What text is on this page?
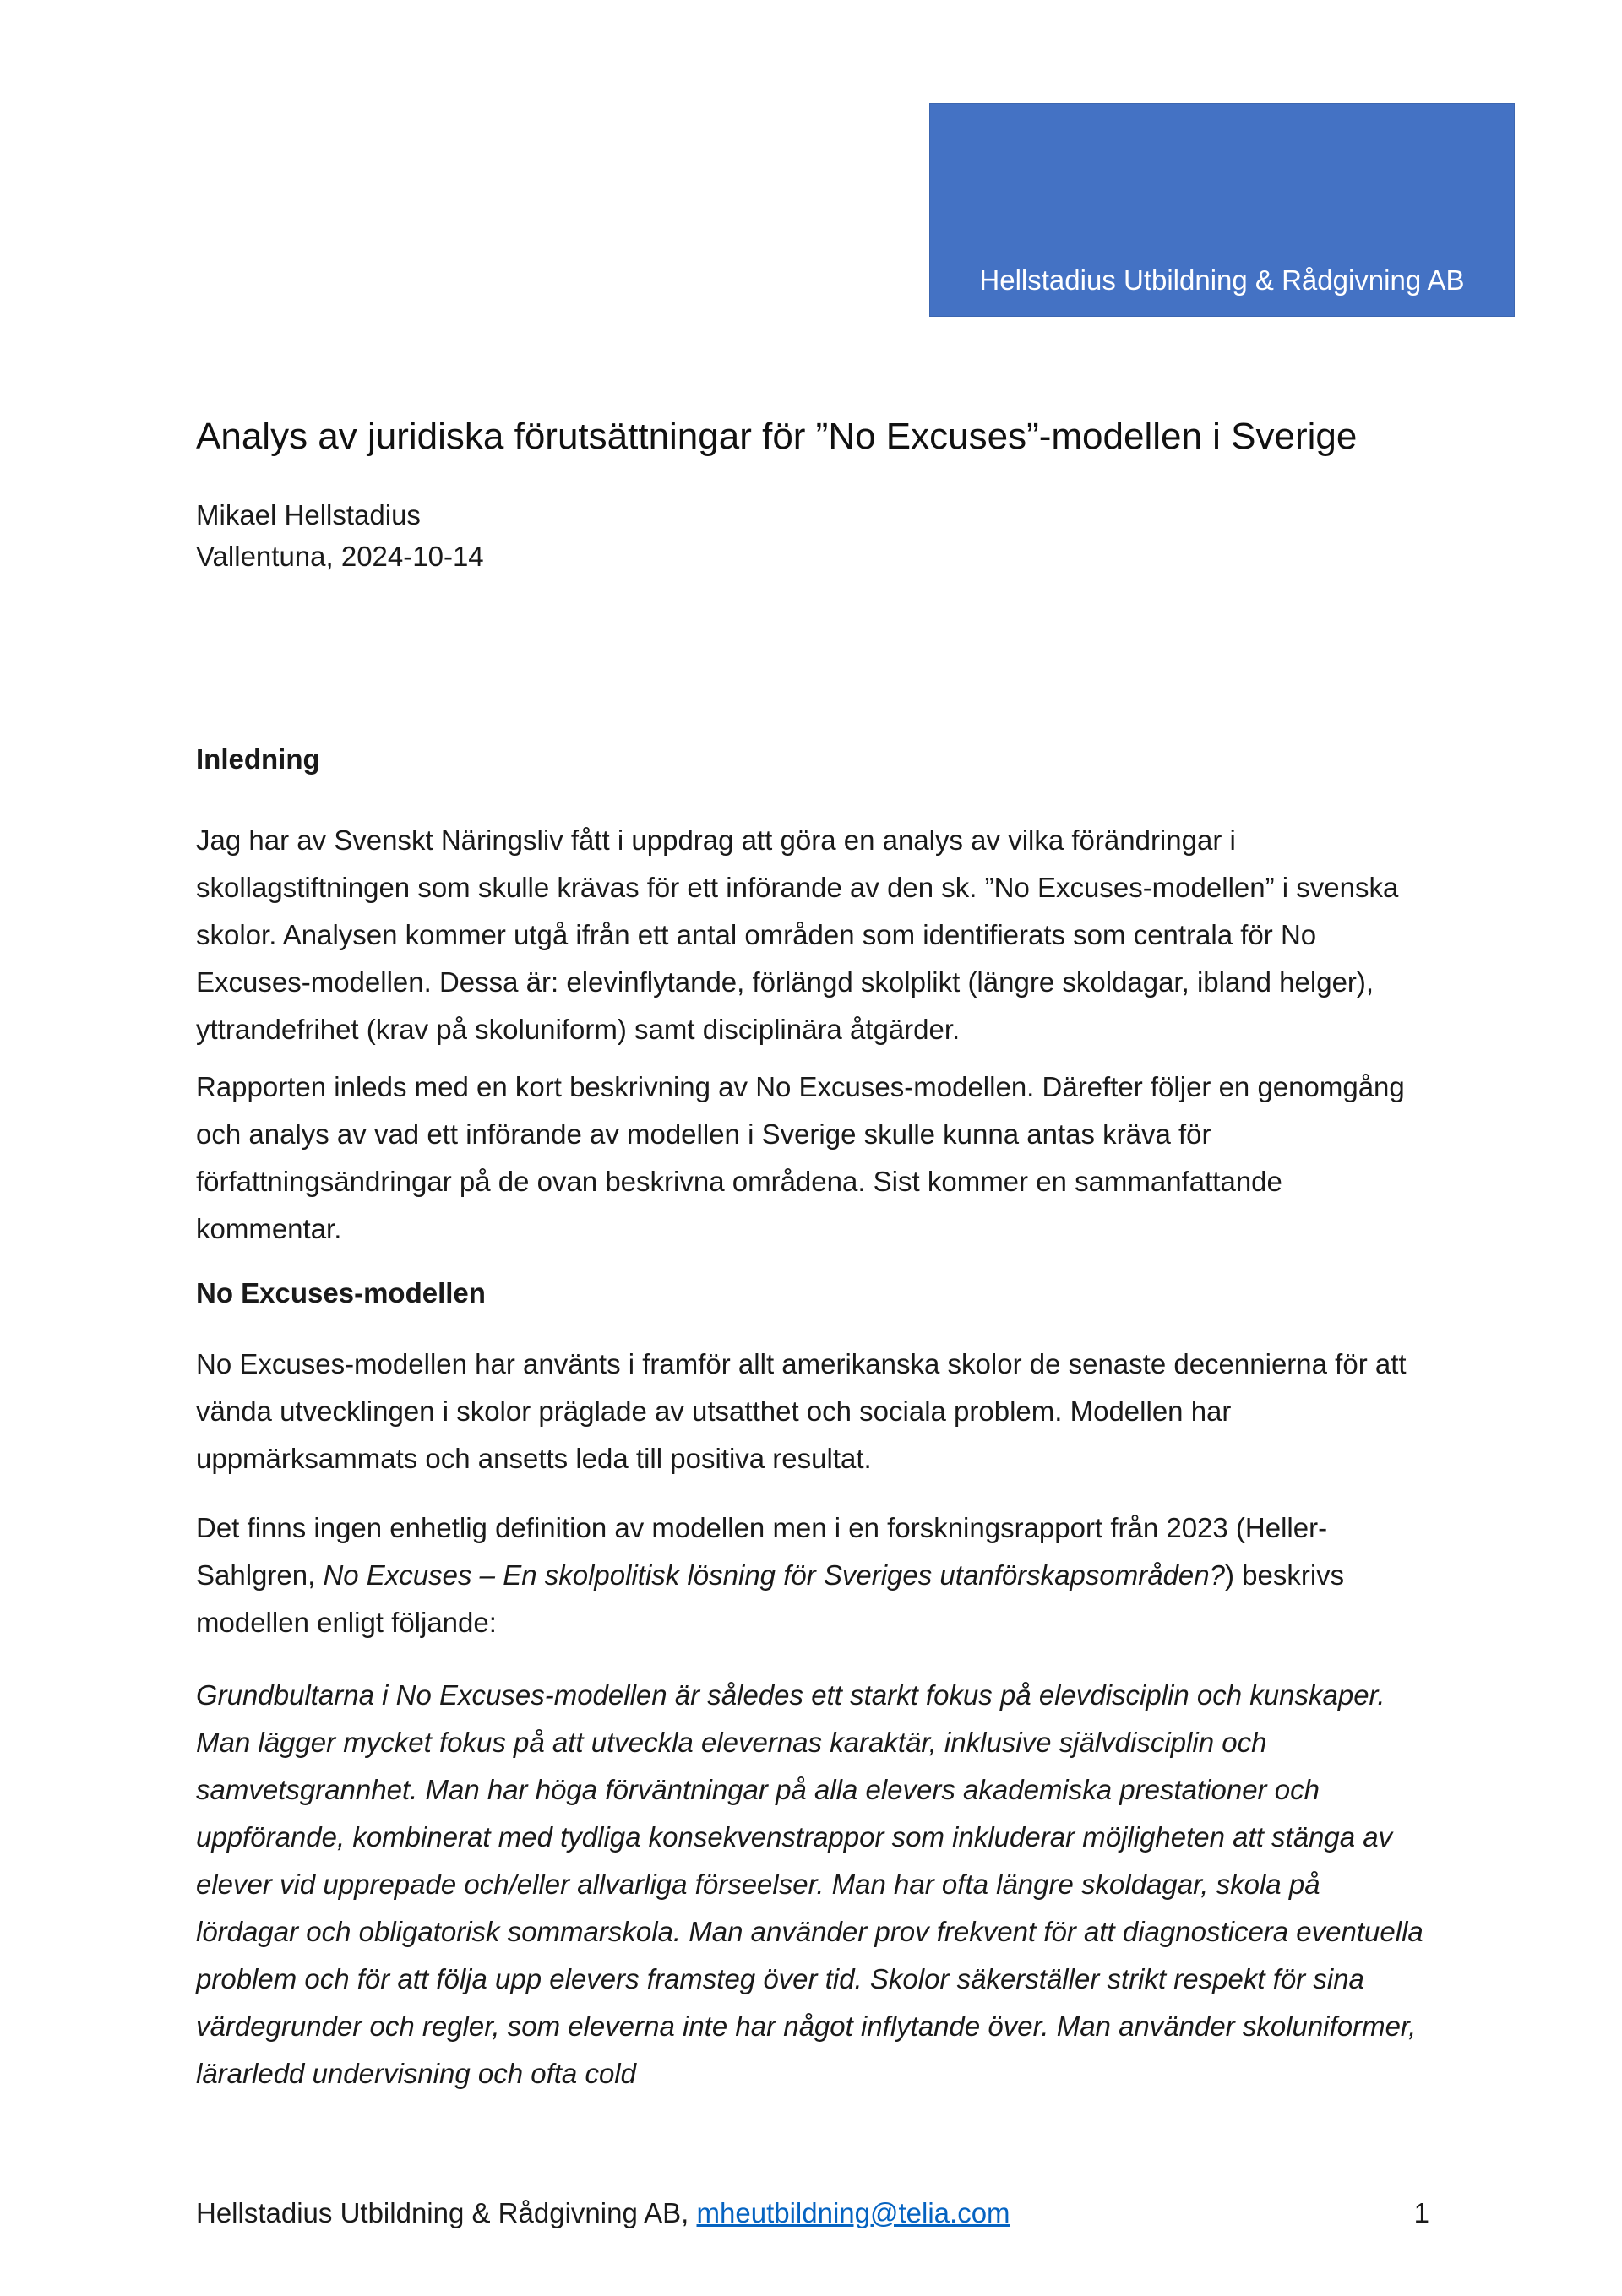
Hellstadius Utbildning & Rådgivning AB
Analys av juridiska förutsättningar för ”No Excuses”-modellen i Sverige
Mikael Hellstadius
Vallentuna, 2024-10-14
Inledning

Jag har av Svenskt Näringsliv fått i uppdrag att göra en analys av vilka förändringar i skollagstiftningen som skulle krävas för ett införande av den sk. ”No Excuses-modellen” i svenska skolor. Analysen kommer utgå ifrån ett antal områden som identifierats som centrala för No Excuses-modellen. Dessa är: elevinflytande, förlängd skolplikt (längre skoldagar, ibland helger), yttrandefrihet (krav på skoluniform) samt disciplinära åtgärder.

Rapporten inleds med en kort beskrivning av No Excuses-modellen. Därefter följer en genomgång och analys av vad ett införande av modellen i Sverige skulle kunna antas kräva för författningsändringar på de ovan beskrivna områdena. Sist kommer en sammanfattande kommentar.

No Excuses-modellen

No Excuses-modellen har använts i framför allt amerikanska skolor de senaste decennierna för att vända utvecklingen i skolor präglade av utsatthet och sociala problem. Modellen har uppmärksammats och ansetts leda till positiva resultat.

Det finns ingen enhetlig definition av modellen men i en forskningsrapport från 2023 (Heller-Sahlgren, No Excuses – En skolpolitisk lösning för Sveriges utanförskapsområden?) beskrivs modellen enligt följande:

Grundbultarna i No Excuses-modellen är således ett starkt fokus på elevdisciplin och kunskaper. Man lägger mycket fokus på att utveckla elevernas karaktär, inklusive självdisciplin och samvetsgrannhet. Man har höga förväntningar på alla elevers akademiska prestationer och uppförande, kombinerat med tydliga konsekvenstrappor som inkluderar möjligheten att stänga av elever vid upprepade och/eller allvarliga förseelser. Man har ofta längre skoldagar, skola på lördagar och obligatorisk sommarskola. Man använder prov frekvent för att diagnosticera eventuella problem och för att följa upp elevers framsteg över tid. Skolor säkerställer strikt respekt för sina värdegrunder och regler, som eleverna inte har något inflytande över. Man använder skoluniformer, lärarledd undervisning och ofta cold

Hellstadius Utbildning & Rådgivning AB, mheutbildning@telia.com	1
